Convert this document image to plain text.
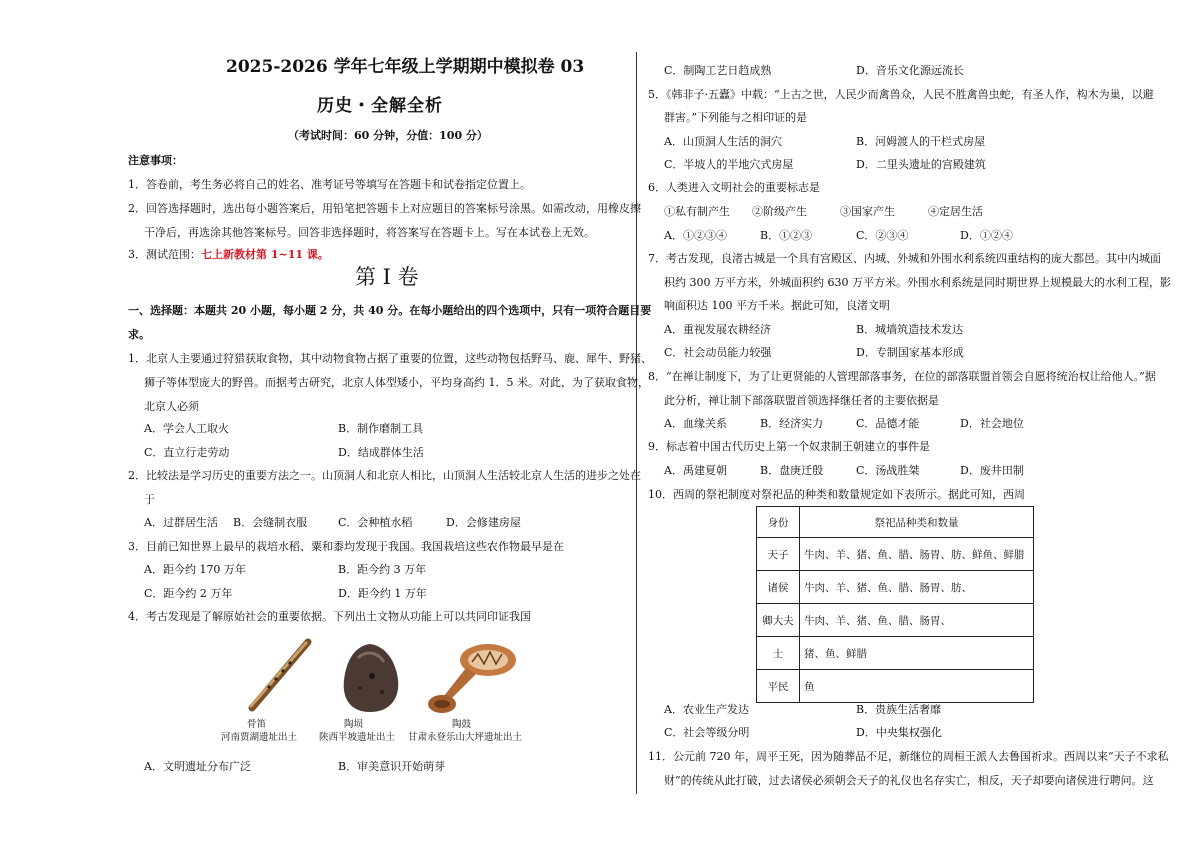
2025-2026 学年七年级上学期期中模拟卷 03
历史・全解全析
（考试时间：60 分钟，分值：100 分）
注意事项：
1．答卷前，考生务必将自己的姓名、准考证号等填写在答题卡和试卷指定位置上。
2．回答选择题时，选出每小题答案后，用铅笔把答题卡上对应题目的答案标号涂黑。如需改动，用橡皮擦
干净后，再选涂其他答案标号。回答非选择题时，将答案写在答题卡上。写在本试卷上无效。
3．测试范围：七上新教材第 1~11 课。
第 I 卷
一、选择题：本题共 20 小题，每小题 2 分，共 40 分。在每小题给出的四个选项中，只有一项符合题目要
求。
1．北京人主要通过狩猎获取食物，其中动物食物占据了重要的位置，这些动物包括野马、鹿、犀牛、野猪、
狮子等体型庞大的野兽。而据考古研究，北京人体型矮小，平均身高约 1．5 米。对此，为了获取食物，
北京人必须
A．学会人工取火	B．制作磨制工具
C．直立行走劳动	D．结成群体生活
2．比较法是学习历史的重要方法之一。山顶洞人和北京人相比，山顶洞人生活较北京人生活的进步之处在
于
A．过群居生活 B．会缝制衣服	C．会种植水稻	D．会修建房屋
3．目前已知世界上最早的栽培水稻、粟和黍均发现于我国。我国栽培这些农作物最早是在
A．距今约 170 万年	B．距今约 3 万年
C．距今约 2 万年	D．距今约 1 万年
4．考古发现是了解原始社会的重要依据。下列出土文物从功能上可以共同印证我国
骨笛
河南贾湖遗址出土
陶埙
陕西半坡遗址出土
陶鼓
甘肃永登乐山大坪遗址出土
A．文明遗址分布广泛	B．审美意识开始萌芽
C．制陶工艺日趋成熟	D．音乐文化源远流长
5．《韩非子·五蠹》中载：“上古之世，人民少而禽兽众，人民不胜禽兽虫蛇，有圣人作，构木为巢，以避
群害。”下列能与之相印证的是
A．山顶洞人生活的洞穴	B．河姆渡人的干栏式房屋
C．半坡人的半地穴式房屋	D．二里头遗址的宫殿建筑
6．人类进入文明社会的重要标志是
①私有制产生　　②阶级产生　　　③国家产生　　　④定居生活
A．①②③④	B．①②③	C．②③④	D．①②④
7．考古发现，良渚古城是一个具有宫殿区、内城、外城和外围水利系统四重结构的庞大都邑。其中内城面
积约 300 万平方米，外城面积约 630 万平方米。外围水利系统是同时期世界上规模最大的水利工程，影
响面积达 100 平方千米。据此可知，良渚文明
A．重视发展农耕经济	B．城墙筑造技术发达
C．社会动员能力较强	D．专制国家基本形成
8．“在禅让制度下，为了让更贤能的人管理部落事务，在位的部落联盟首领会自愿将统治权让给他人。”据
此分析，禅让制下部落联盟首领选择继任者的主要依据是
A．血缘关系	B．经济实力	C．品德才能	D．社会地位
9．标志着中国古代历史上第一个奴隶制王朝建立的事件是
A．禹建夏朝	B．盘庚迁殷	C．汤战胜桀	D．废井田制
10．西周的祭祀制度对祭祀品的种类和数量规定如下表所示。据此可知，西周
身份	祭祀品种类和数量
天子	牛肉、羊、猪、鱼、腊、肠胃、肪、鲜鱼、鲜腊
诸侯	牛肉、羊、猪、鱼、腊、肠胃、肪、
卿大夫	牛肉、羊、猪、鱼、腊、肠胃、
士	猪、鱼、鲜腊
平民	鱼
A．农业生产发达	B．贵族生活奢靡
C．社会等级分明	D．中央集权强化
11．公元前 720 年，周平王死，因为随葬品不足，新继位的周桓王派人去鲁国祈求。西周以来“天子不求私
财”的传统从此打破，过去诸侯必须朝会天子的礼仪也名存实亡，相反，天子却要向诸侯进行聘问。这
